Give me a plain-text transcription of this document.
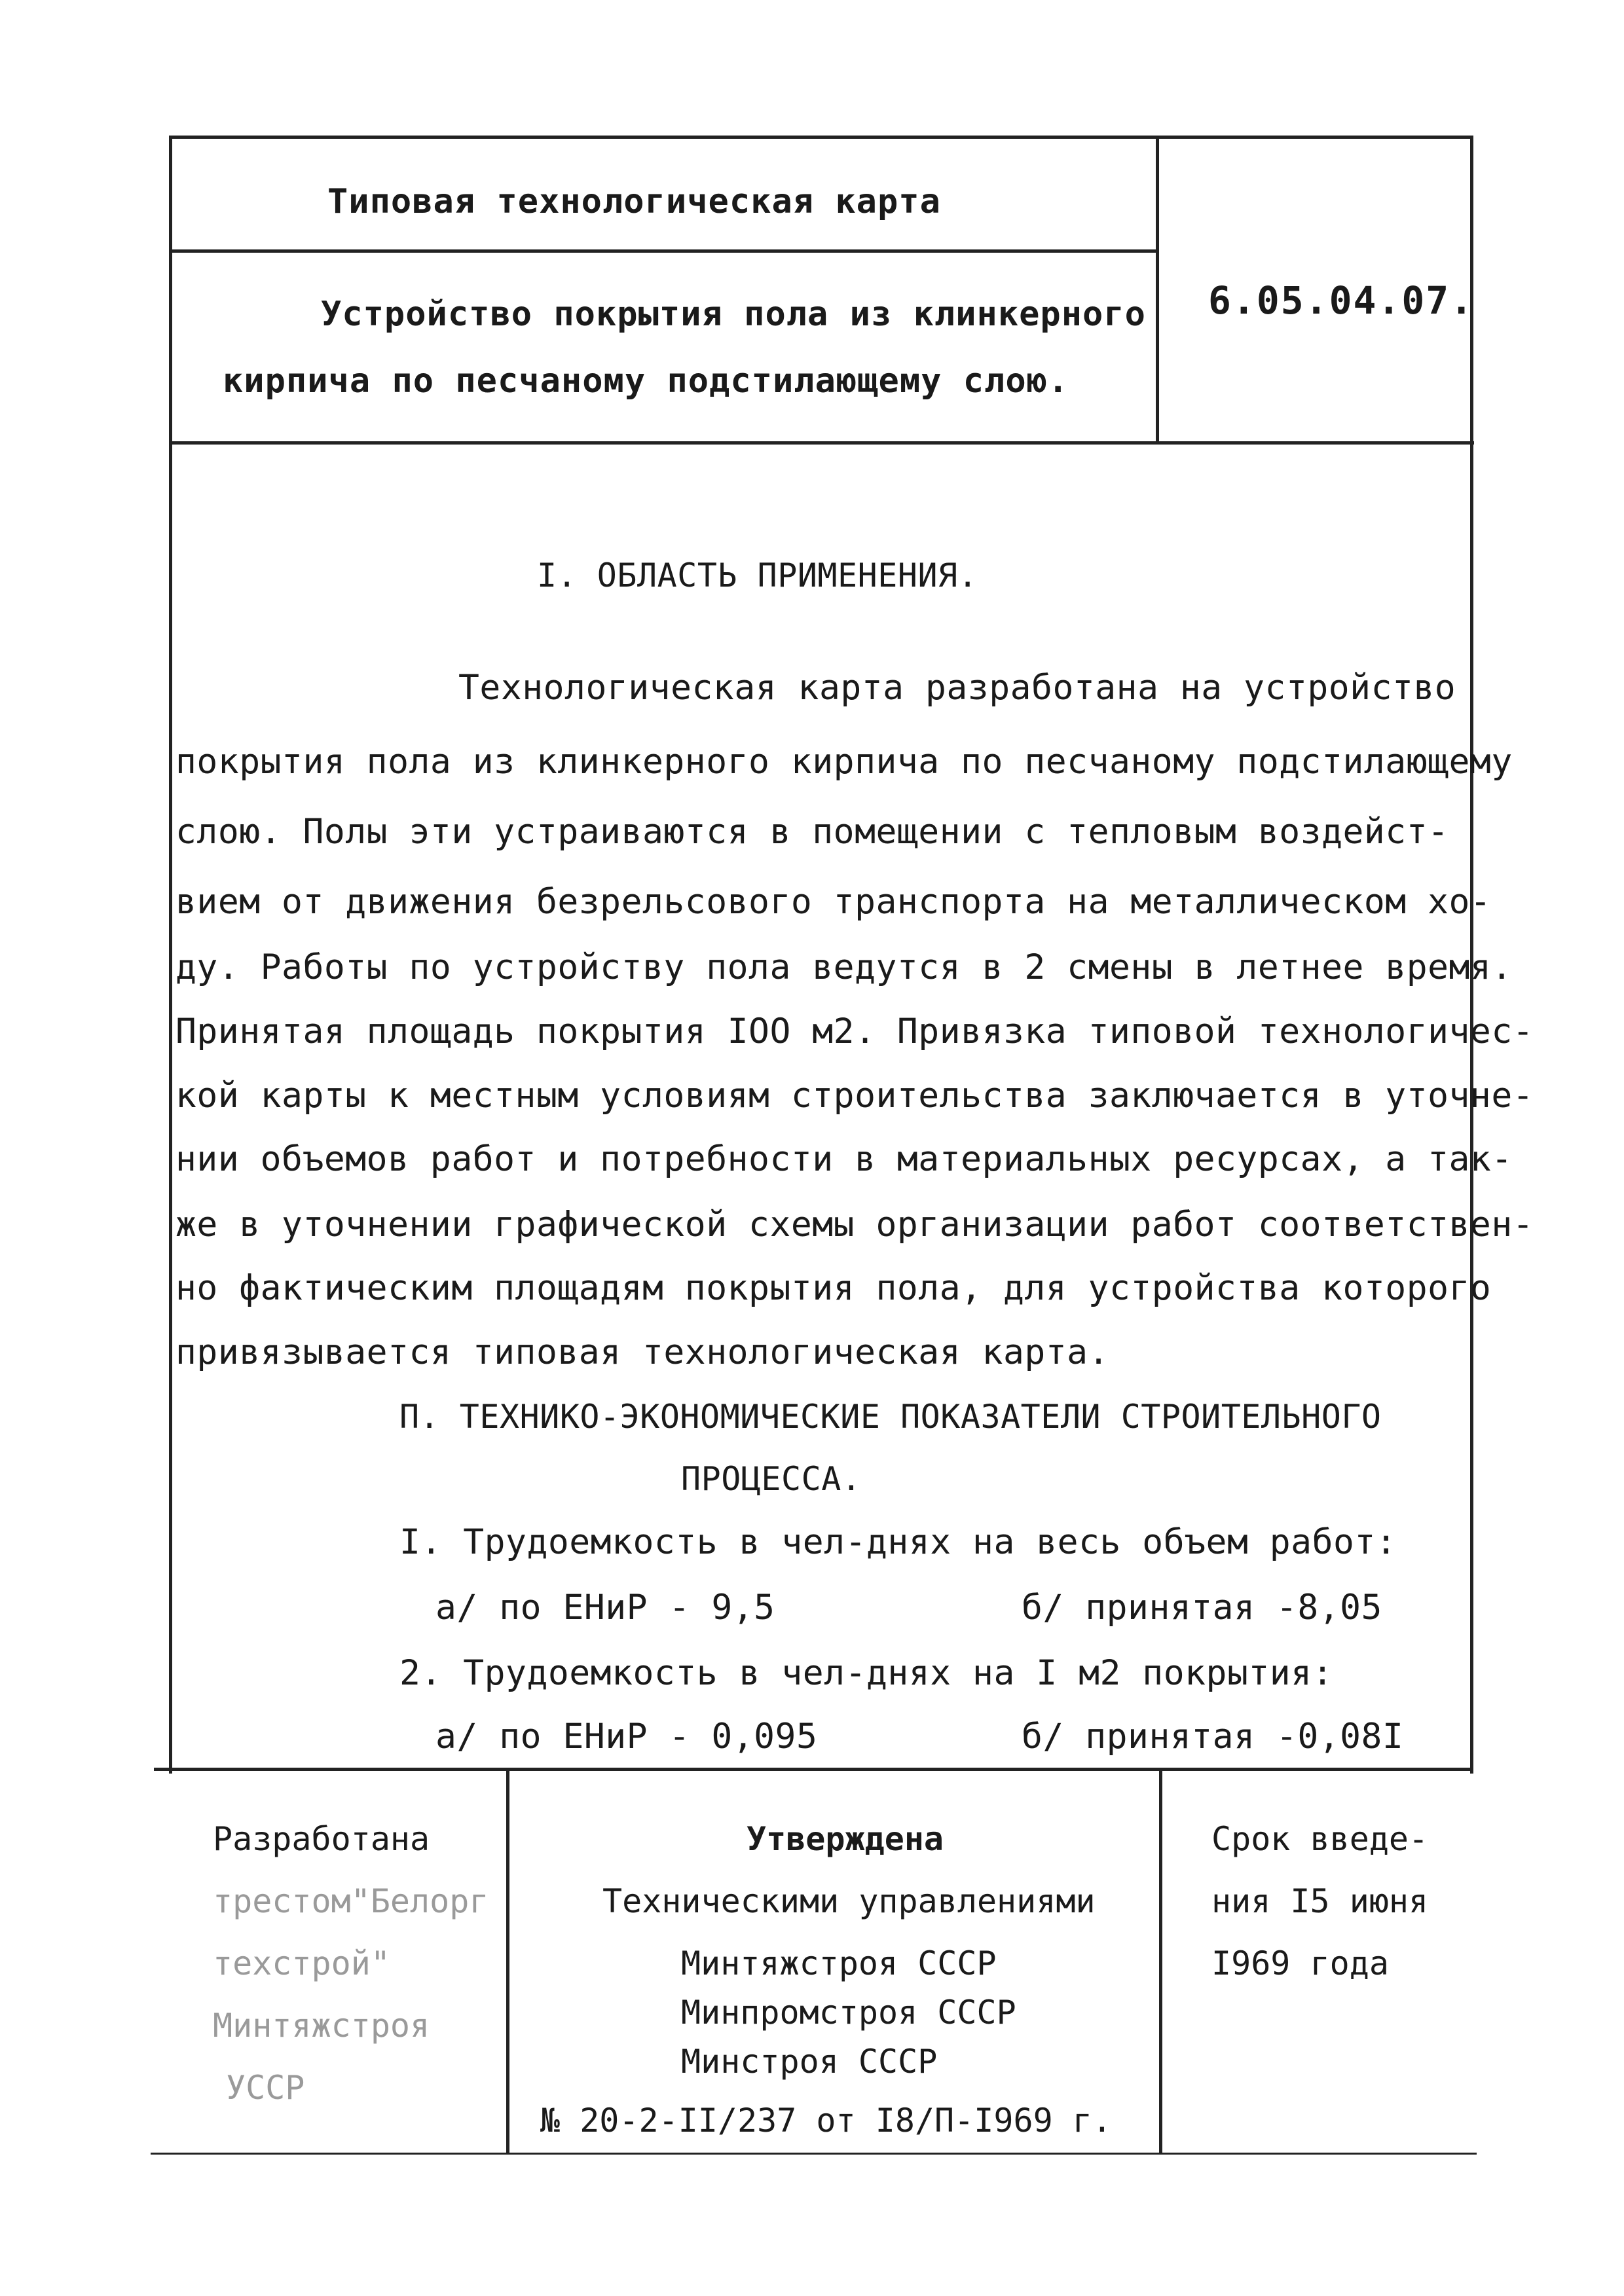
Типовая технологическая карта
Устройство покрытия пола из клинкерного
кирпича по песчаному подстилающему слою.
6.05.04.07.
I. ОБЛАСТЬ ПРИМЕНЕНИЯ.
Технологическая карта разработана на устройство
покрытия пола из клинкерного кирпича по песчаному подстилающему
слою. Полы эти устраиваются в помещении с тепловым воздейст-
вием от движения безрельсового транспорта на металлическом хо-
ду. Работы по устройству пола ведутся в 2 смены в летнее время.
Принятая площадь покрытия IOO м2. Привязка типовой технологичес-
кой карты к местным условиям строительства заключается в уточне-
нии объемов работ и потребности в материальных ресурсах, а так-
же в уточнении графической схемы организации работ соответствен-
но фактическим площадям покрытия пола, для устройства которого
привязывается типовая технологическая карта.
П. ТЕХНИКО-ЭКОНОМИЧЕСКИЕ ПОКАЗАТЕЛИ СТРОИТЕЛЬНОГО
ПРОЦЕССА.
I. Трудоемкость в чел-днях на весь объем работ:
а/ по ЕНиР - 9,5	б/ принятая -8,05
2. Трудоемкость в чел-днях на I м2 покрытия:
а/ по ЕНиР - 0,095	б/ принятая -0,08I
Разработана
трестом"Белорг
техстрой"
Минтяжстроя
УССР
Утверждена
Техническими управлениями
Минтяжстроя СССР
Минпромстроя СССР
Минстроя СССР
№ 20-2-II/237 от I8/П-I969 г.
Срок введе-
ния I5 июня
I969 года
